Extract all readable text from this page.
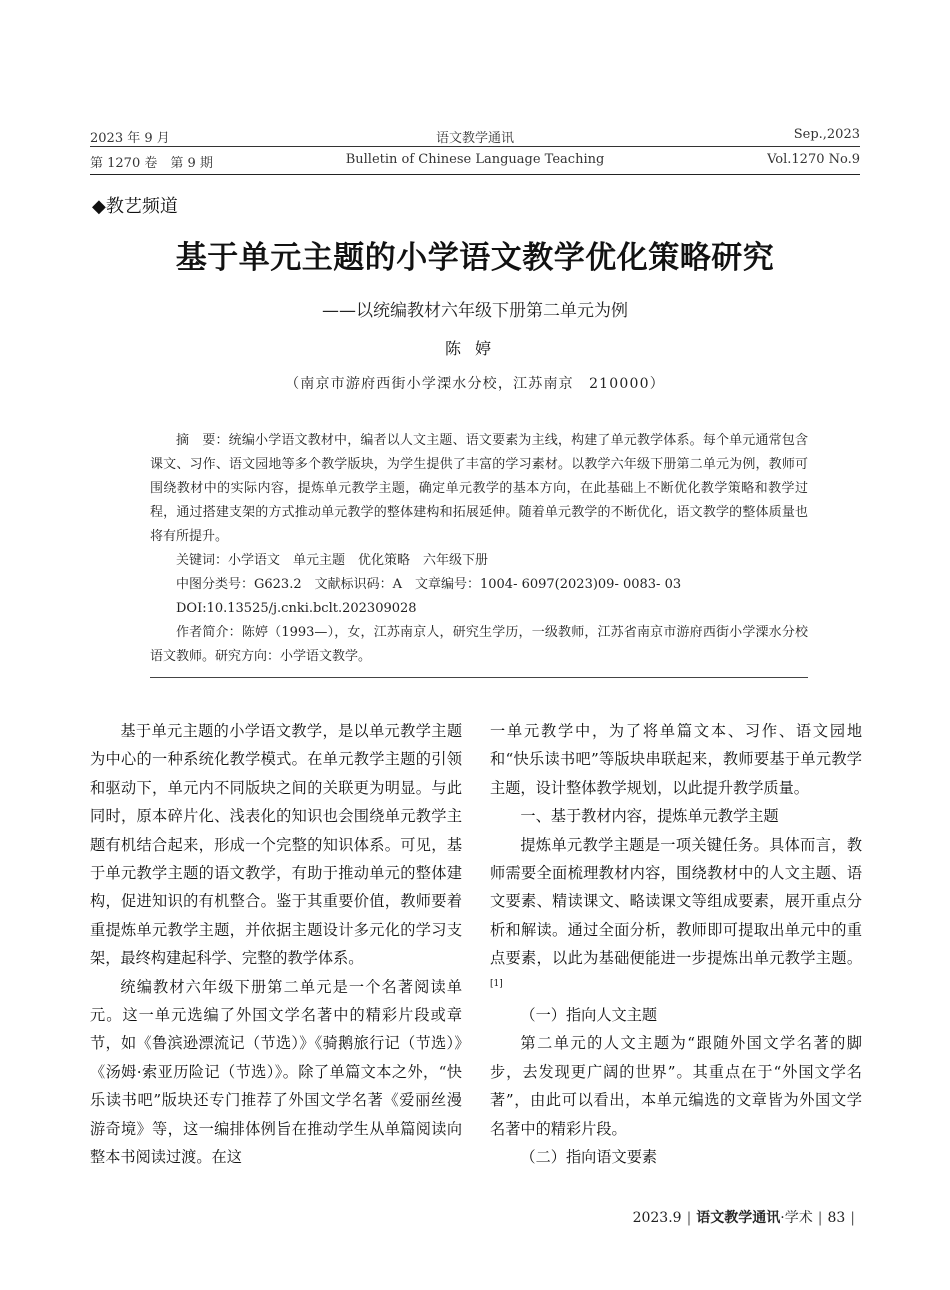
2023 年 9 月	语文教学通讯	Sep.,2023
第 1270 卷　第 9 期	Bulletin of Chinese Language Teaching	Vol.1270 No.9
◆教艺频道
基于单元主题的小学语文教学优化策略研究
——以统编教材六年级下册第二单元为例
陈婷
（南京市游府西街小学溧水分校，江苏南京　210000）

摘　要：统编小学语文教材中，编者以人文主题、语文要素为主线，构建了单元教学体系。每个单元通常包含课文、习作、语文园地等多个教学版块，为学生提供了丰富的学习素材。以教学六年级下册第二单元为例，教师可围绕教材中的实际内容，提炼单元教学主题，确定单元教学的基本方向，在此基础上不断优化教学策略和教学过程，通过搭建支架的方式推动单元教学的整体建构和拓展延伸。随着单元教学的不断优化，语文教学的整体质量也将有所提升。

关键词：小学语文　单元主题　优化策略　六年级下册

中图分类号：G623.2　文献标识码：A　文章编号：1004- 6097(2023)09- 0083- 03

DOI:10.13525/j.cnki.bclt.202309028

作者简介：陈婷（1993—），女，江苏南京人，研究生学历，一级教师，江苏省南京市游府西街小学溧水分校语文教师。研究方向：小学语文教学。

基于单元主题的小学语文教学，是以单元教学主题为中心的一种系统化教学模式。在单元教学主题的引领和驱动下，单元内不同版块之间的关联更为明显。与此同时，原本碎片化、浅表化的知识也会围绕单元教学主题有机结合起来，形成一个完整的知识体系。可见，基于单元教学主题的语文教学，有助于推动单元的整体建构，促进知识的有机整合。鉴于其重要价值，教师要着重提炼单元教学主题，并依据主题设计多元化的学习支架，最终构建起科学、完整的教学体系。

统编教材六年级下册第二单元是一个名著阅读单元。这一单元选编了外国文学名著中的精彩片段或章节，如《鲁滨逊漂流记（节选）》《骑鹅旅行记（节选）》《汤姆·索亚历险记（节选）》。除了单篇文本之外，“快乐读书吧”版块还专门推荐了外国文学名著《爱丽丝漫游奇境》等，这一编排体例旨在推动学生从单篇阅读向整本书阅读过渡。在这

一单元教学中，为了将单篇文本、习作、语文园地和“快乐读书吧”等版块串联起来，教师要基于单元教学主题，设计整体教学规划，以此提升教学质量。

一、基于教材内容，提炼单元教学主题

提炼单元教学主题是一项关键任务。具体而言，教师需要全面梳理教材内容，围绕教材中的人文主题、语文要素、精读课文、略读课文等组成要素，展开重点分析和解读。通过全面分析，教师即可提取出单元中的重点要素，以此为基础便能进一步提炼出单元教学主题。[1]

（一）指向人文主题

第二单元的人文主题为“跟随外国文学名著的脚步，去发现更广阔的世界”。其重点在于“外国文学名著”，由此可以看出，本单元编选的文章皆为外国文学名著中的精彩片段。

（二）指向语文要素

2023.9 | 语文教学通讯·学术 | 83 |
